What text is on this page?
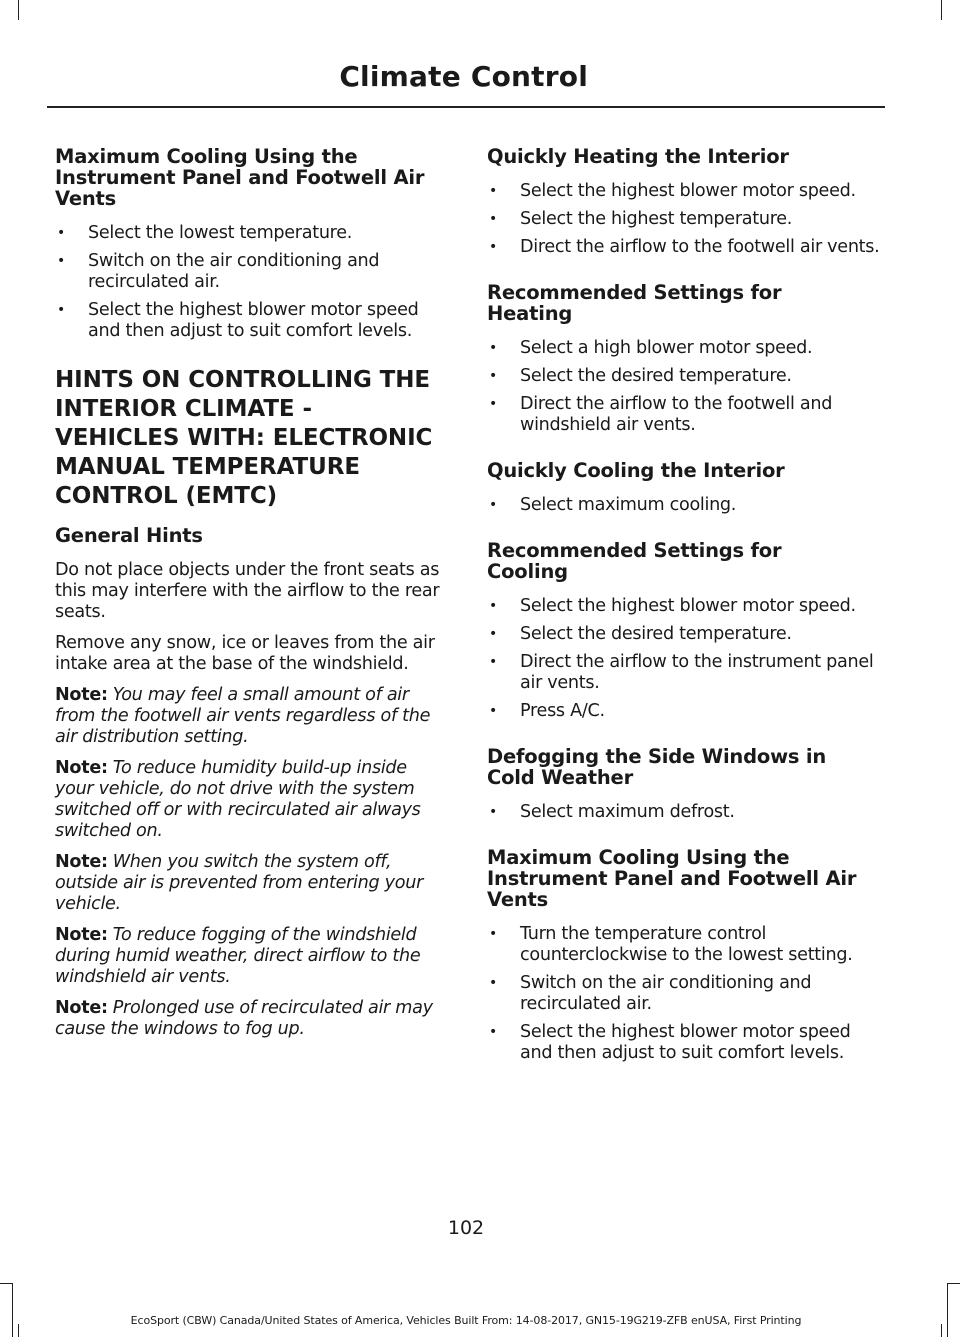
Climate Control
Maximum Cooling Using the
Instrument Panel and Footwell Air
Vents
• Select the lowest temperature.
• Switch on the air conditioning and recirculated air.
• Select the highest blower motor speed and then adjust to suit comfort levels.
HINTS ON CONTROLLING THE
INTERIOR CLIMATE -
VEHICLES WITH: ELECTRONIC
MANUAL TEMPERATURE
CONTROL (EMTC)
General Hints

Do not place objects under the front seats as this may interfere with the airflow to the rear seats.

Remove any snow, ice or leaves from the air intake area at the base of the windshield.

Note: You may feel a small amount of air from the footwell air vents regardless of the air distribution setting.

Note: To reduce humidity build-up inside your vehicle, do not drive with the system switched off or with recirculated air always switched on.

Note: When you switch the system off, outside air is prevented from entering your vehicle.

Note: To reduce fogging of the windshield during humid weather, direct airflow to the windshield air vents.

Note: Prolonged use of recirculated air may cause the windows to fog up.

Quickly Heating the Interior
• Select the highest blower motor speed.
• Select the highest temperature.
• Direct the airflow to the footwell air vents.
Recommended Settings for
Heating
• Select a high blower motor speed.
• Select the desired temperature.
• Direct the airflow to the footwell and windshield air vents.
Quickly Cooling the Interior
• Select maximum cooling.
Recommended Settings for
Cooling
• Select the highest blower motor speed.
• Select the desired temperature.
• Direct the airflow to the instrument panel air vents.
• Press A/C.
Defogging the Side Windows in
Cold Weather
• Select maximum defrost.
Maximum Cooling Using the
Instrument Panel and Footwell Air
Vents
• Turn the temperature control counterclockwise to the lowest setting.
• Switch on the air conditioning and recirculated air.
• Select the highest blower motor speed and then adjust to suit comfort levels.
102
EcoSport (CBW) Canada/United States of America, Vehicles Built From: 14-08-2017, GN15-19G219-ZFB enUSA, First Printing
